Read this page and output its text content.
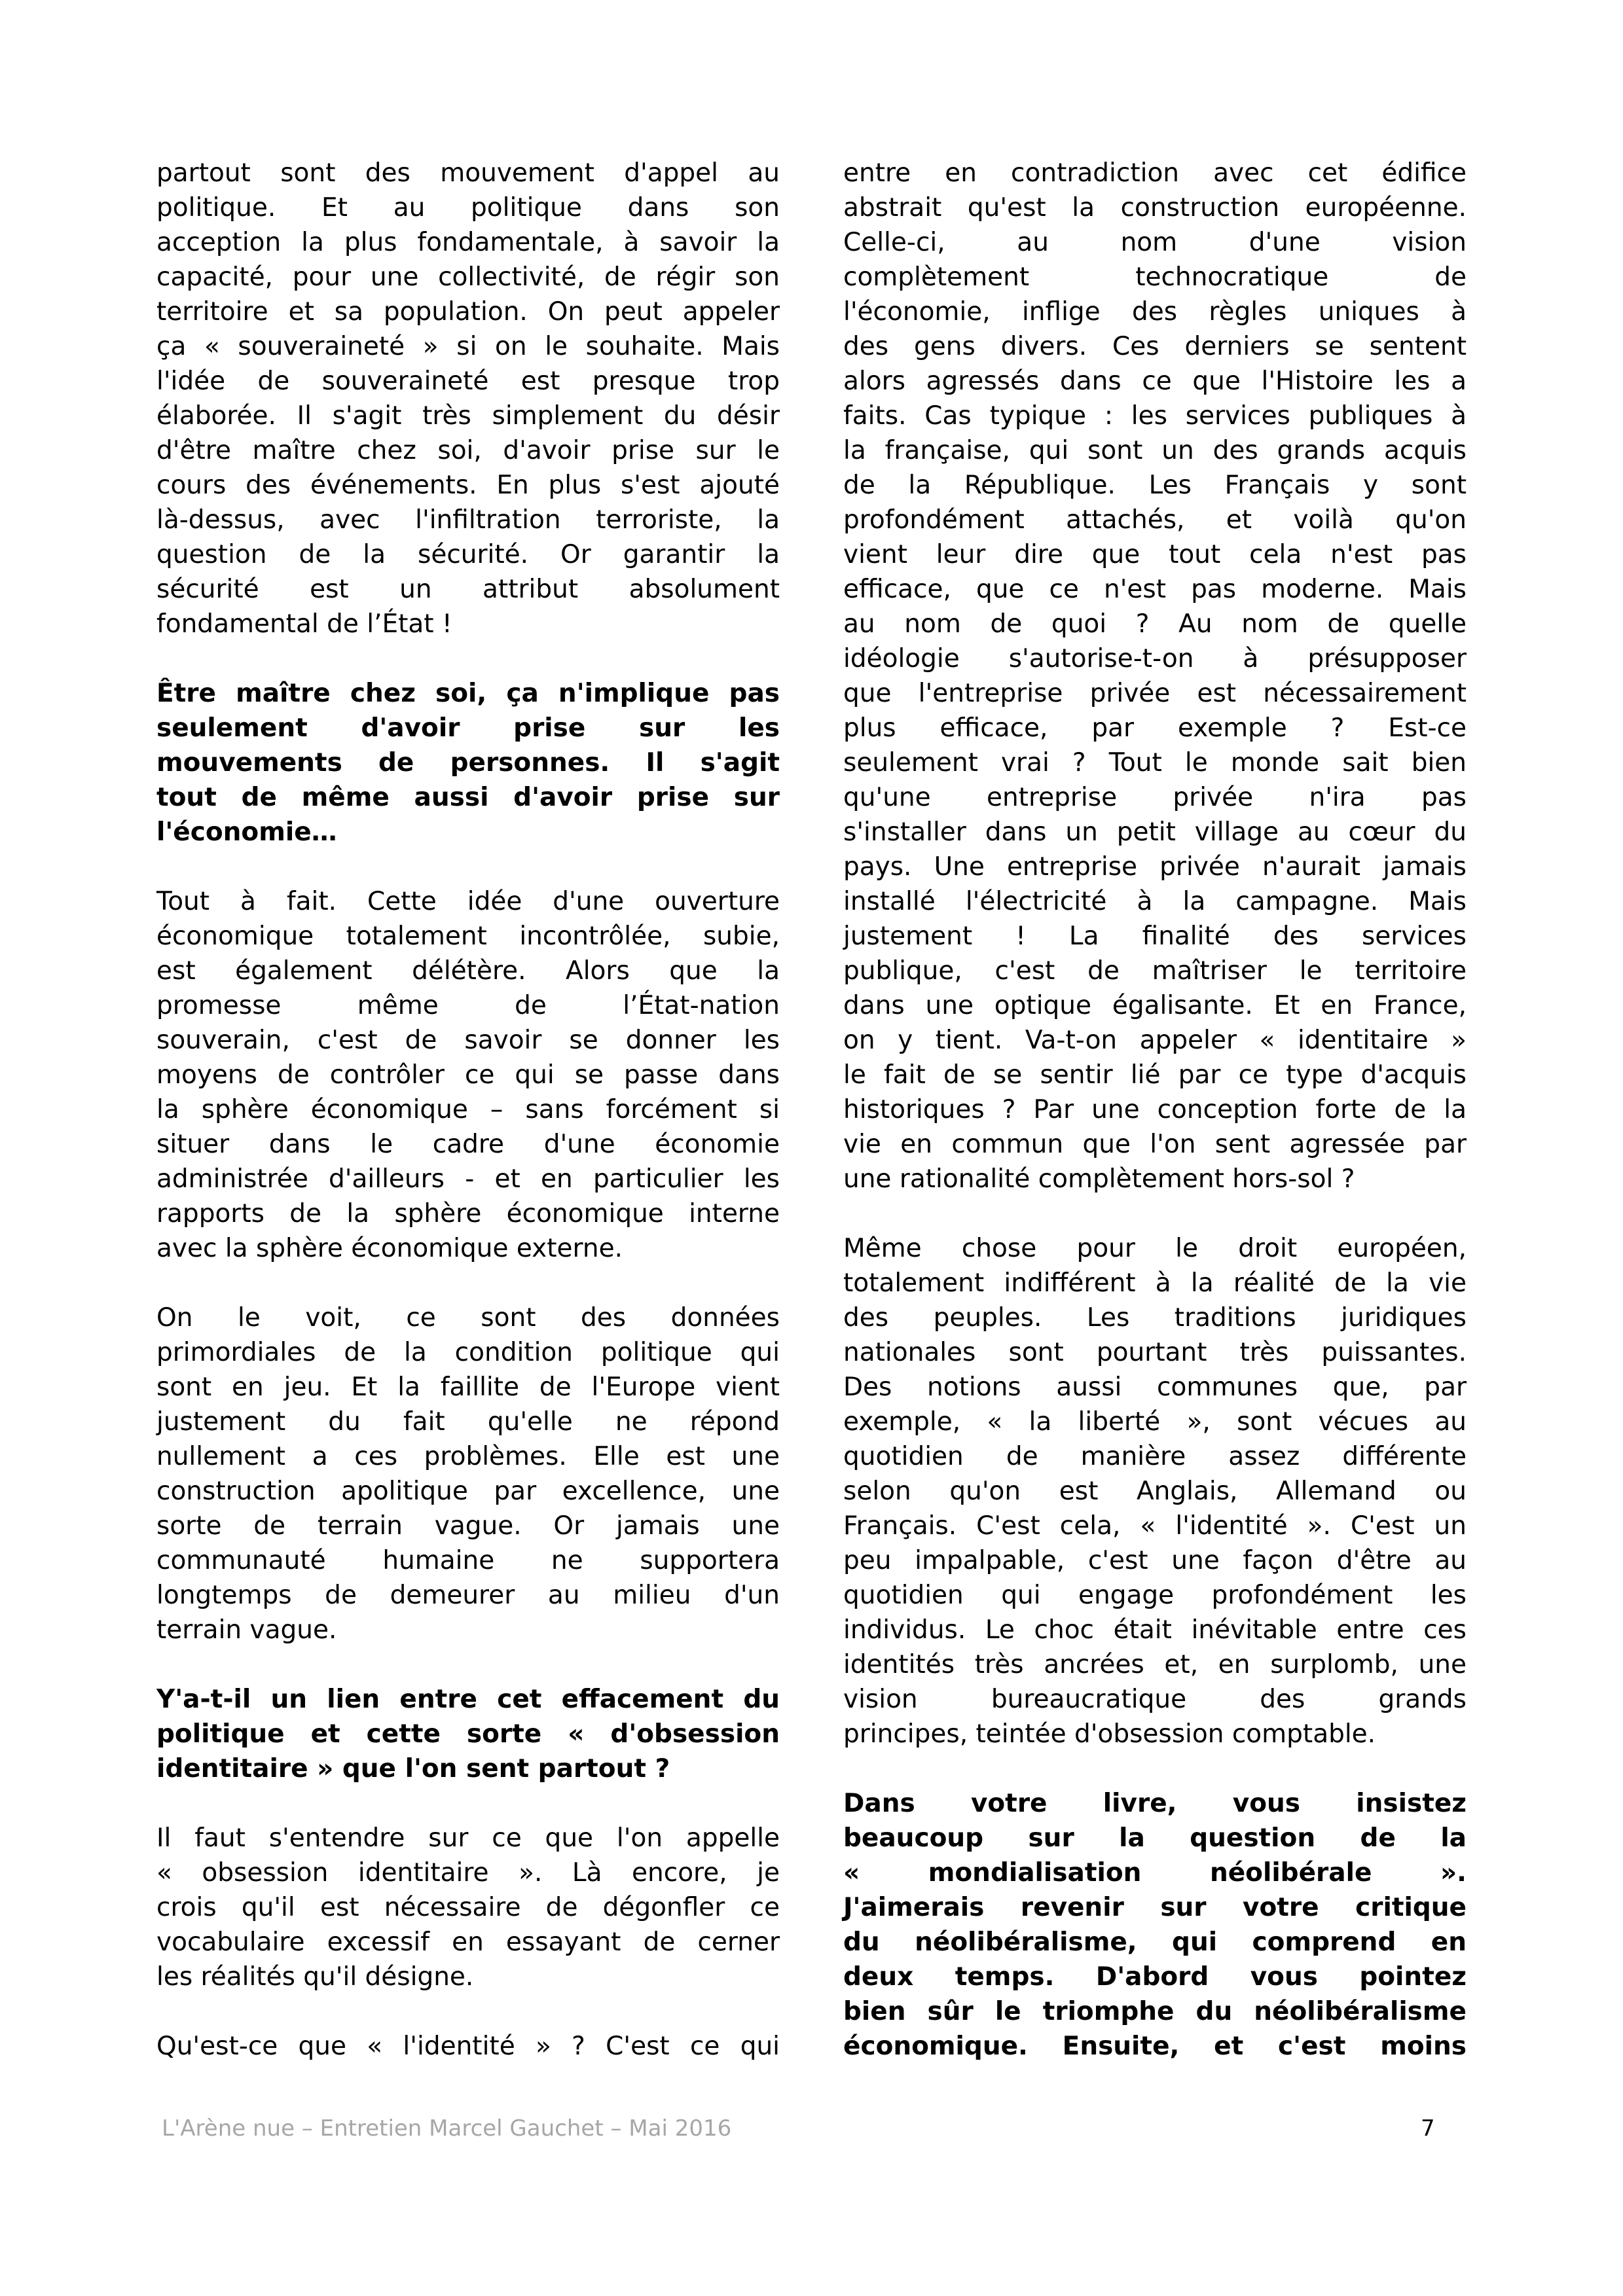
partout sont des mouvement d'appel au
politique. Et au politique dans son
acception la plus fondamentale, à savoir la
capacité, pour une collectivité, de régir son
territoire et sa population. On peut appeler
ça « souveraineté » si on le souhaite. Mais
l'idée de souveraineté est presque trop
élaborée. Il s'agit très simplement du désir
d'être maître chez soi, d'avoir prise sur le
cours des événements. En plus s'est ajouté
là-dessus, avec l'infiltration terroriste, la
question de la sécurité. Or garantir la
sécurité est un attribut absolument
fondamental de l’État !
Être maître chez soi, ça n'implique pas
seulement d'avoir prise sur les
mouvements de personnes. Il s'agit
tout de même aussi d'avoir prise sur
l'économie…
Tout à fait. Cette idée d'une ouverture
économique totalement incontrôlée, subie,
est également délétère. Alors que la
promesse même de l’État-nation
souverain, c'est de savoir se donner les
moyens de contrôler ce qui se passe dans
la sphère économique – sans forcément si
situer dans le cadre d'une économie
administrée d'ailleurs - et en particulier les
rapports de la sphère économique interne
avec la sphère économique externe.
On le voit, ce sont des données
primordiales de la condition politique qui
sont en jeu. Et la faillite de l'Europe vient
justement du fait qu'elle ne répond
nullement a ces problèmes. Elle est une
construction apolitique par excellence, une
sorte de terrain vague. Or jamais une
communauté humaine ne supportera
longtemps de demeurer au milieu d'un
terrain vague.
Y'a-t-il un lien entre cet effacement du
politique et cette sorte « d'obsession
identitaire » que l'on sent partout ?
Il faut s'entendre sur ce que l'on appelle
« obsession identitaire ». Là encore, je
crois qu'il est nécessaire de dégonfler ce
vocabulaire excessif en essayant de cerner
les réalités qu'il désigne.
Qu'est-ce que « l'identité » ? C'est ce qui
entre en contradiction avec cet édifice
abstrait qu'est la construction européenne.
Celle-ci, au nom d'une vision
complètement technocratique de
l'économie, inflige des règles uniques à
des gens divers. Ces derniers se sentent
alors agressés dans ce que l'Histoire les a
faits. Cas typique : les services publiques à
la française, qui sont un des grands acquis
de la République. Les Français y sont
profondément attachés, et voilà qu'on
vient leur dire que tout cela n'est pas
efficace, que ce n'est pas moderne. Mais
au nom de quoi ? Au nom de quelle
idéologie s'autorise-t-on à présupposer
que l'entreprise privée est nécessairement
plus efficace, par exemple ? Est-ce
seulement vrai ? Tout le monde sait bien
qu'une entreprise privée n'ira pas
s'installer dans un petit village au cœur du
pays. Une entreprise privée n'aurait jamais
installé l'électricité à la campagne. Mais
justement ! La finalité des services
publique, c'est de maîtriser le territoire
dans une optique égalisante. Et en France,
on y tient. Va-t-on appeler « identitaire »
le fait de se sentir lié par ce type d'acquis
historiques ? Par une conception forte de la
vie en commun que l'on sent agressée par
une rationalité complètement hors-sol ?
Même chose pour le droit européen,
totalement indifférent à la réalité de la vie
des peuples. Les traditions juridiques
nationales sont pourtant très puissantes.
Des notions aussi communes que, par
exemple, « la liberté », sont vécues au
quotidien de manière assez différente
selon qu'on est Anglais, Allemand ou
Français. C'est cela, « l'identité ». C'est un
peu impalpable, c'est une façon d'être au
quotidien qui engage profondément les
individus. Le choc était inévitable entre ces
identités très ancrées et, en surplomb, une
vision bureaucratique des grands
principes, teintée d'obsession comptable.
Dans votre livre, vous insistez
beaucoup sur la question de la
« mondialisation néolibérale ».
J'aimerais revenir sur votre critique
du néolibéralisme, qui comprend en
deux temps. D'abord vous pointez
bien sûr le triomphe du néolibéralisme
économique. Ensuite, et c'est moins
L'Arène nue – Entretien Marcel Gauchet – Mai 2016	7
